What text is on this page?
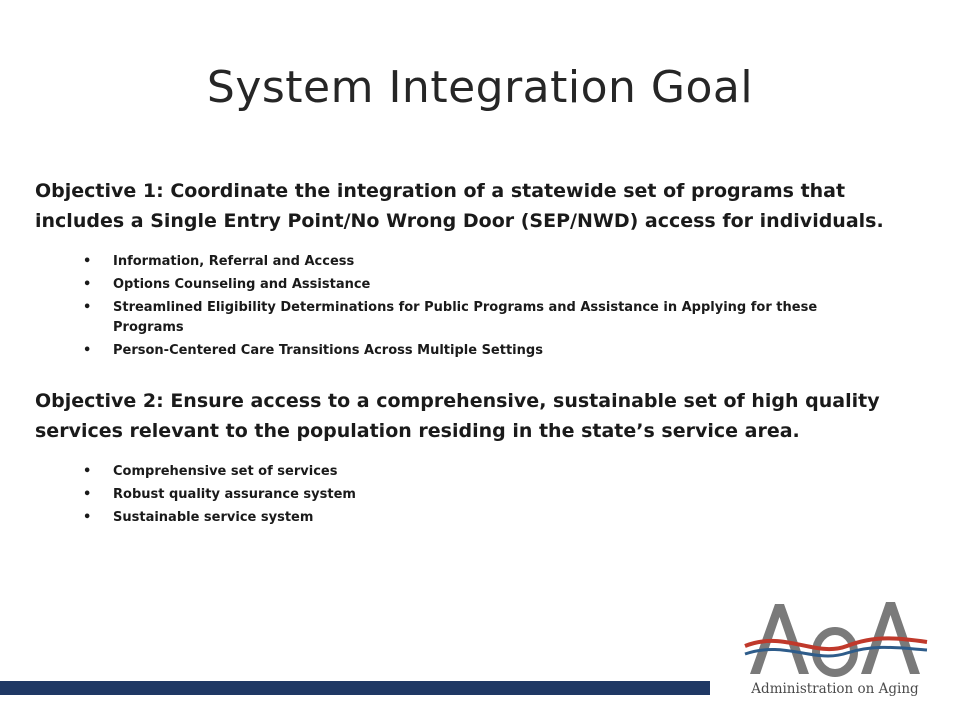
System Integration Goal

Objective 1: Coordinate the integration of a statewide set of programs that includes a Single Entry Point/No Wrong Door (SEP/NWD) access for individuals.

• Information, Referral and Access
• Options Counseling and Assistance
• Streamlined Eligibility Determinations for Public Programs and Assistance in Applying for these Programs
• Person-Centered Care Transitions Across Multiple Settings

Objective 2: Ensure access to a comprehensive, sustainable set of high quality services relevant to the population residing in the state’s service area.

• Comprehensive set of services
• Robust quality assurance system
• Sustainable service system
Administration on Aging
